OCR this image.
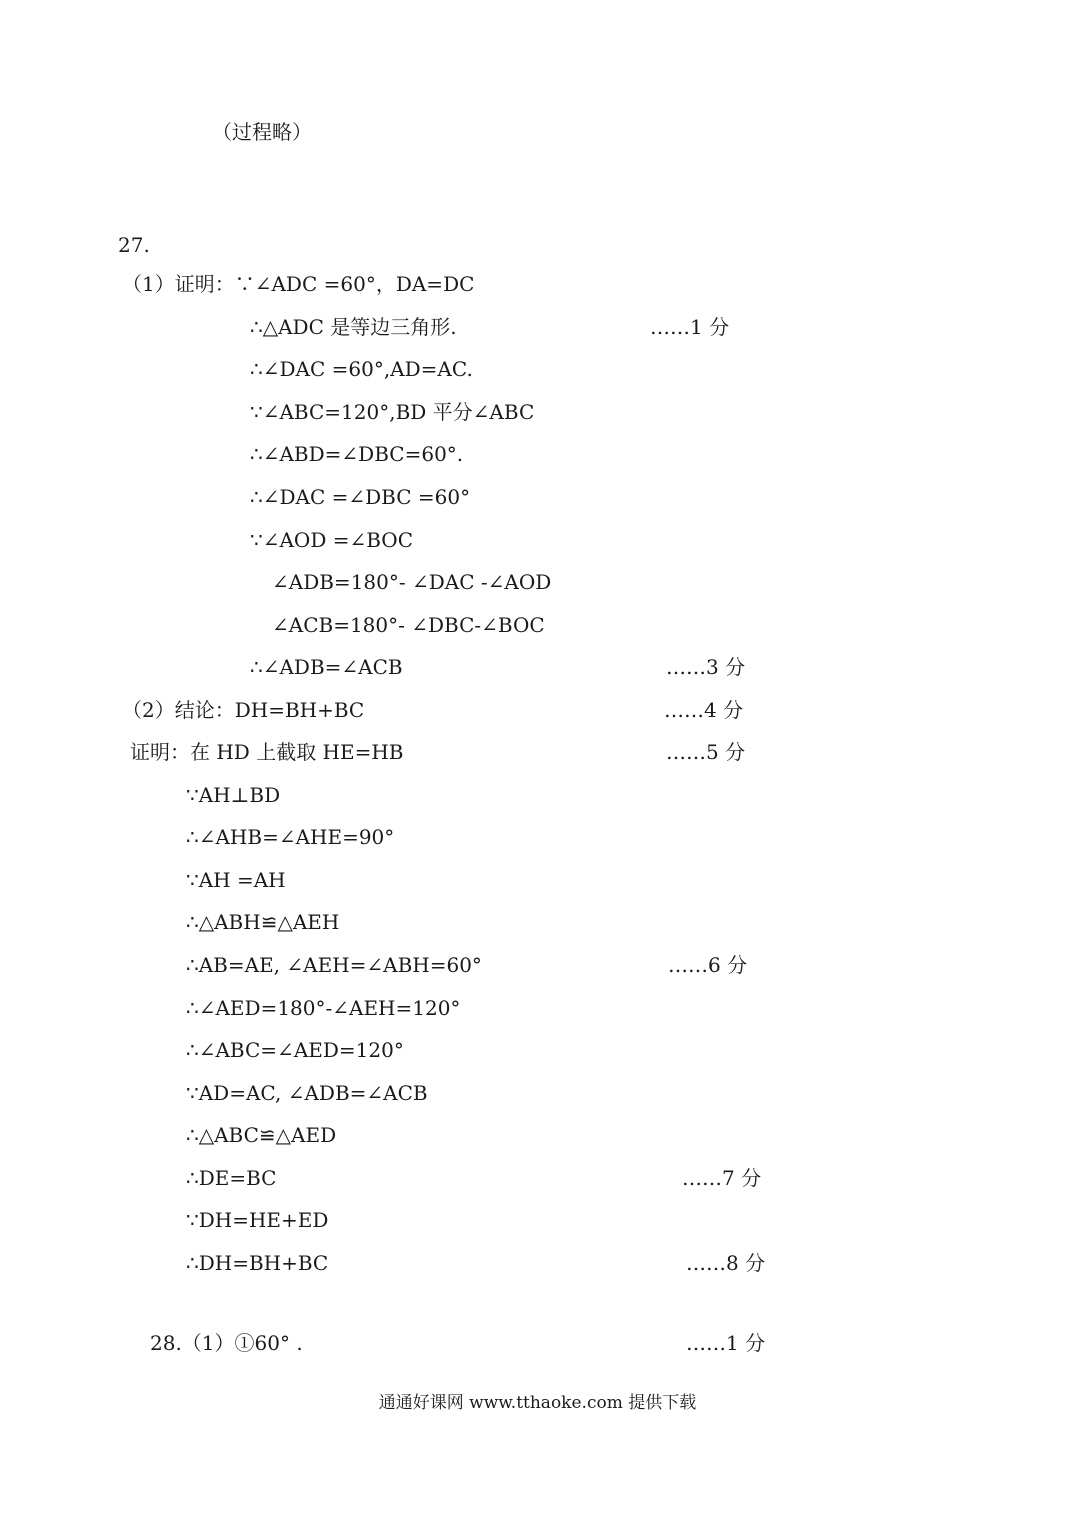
（过程略）
27.
（1）证明：∵∠ADC =60°，DA=DC
∴△ADC 是等边三角形.	……1 分
∴∠DAC =60°,AD=AC.
∵∠ABC=120°,BD 平分∠ABC
∴∠ABD=∠DBC=60°.
∴∠DAC =∠DBC =60°
∵∠AOD =∠BOC
∠ADB=180°- ∠DAC -∠AOD
∠ACB=180°- ∠DBC-∠BOC
∴∠ADB=∠ACB	……3 分
（2）结论：DH=BH+BC	……4 分
证明：在 HD 上截取 HE=HB	……5 分
∵AH⊥BD
∴∠AHB=∠AHE=90°
∵AH =AH
∴△ABH≌△AEH
∴AB=AE, ∠AEH=∠ABH=60°	……6 分
∴∠AED=180°-∠AEH=120°
∴∠ABC=∠AED=120°
∵AD=AC, ∠ADB=∠ACB
∴△ABC≌△AED
∴DE=BC	……7 分
∵DH=HE+ED
∴DH=BH+BC	……8 分
28.（1）①60° .	……1 分
通通好课网 www.tthaoke.com 提供下载
